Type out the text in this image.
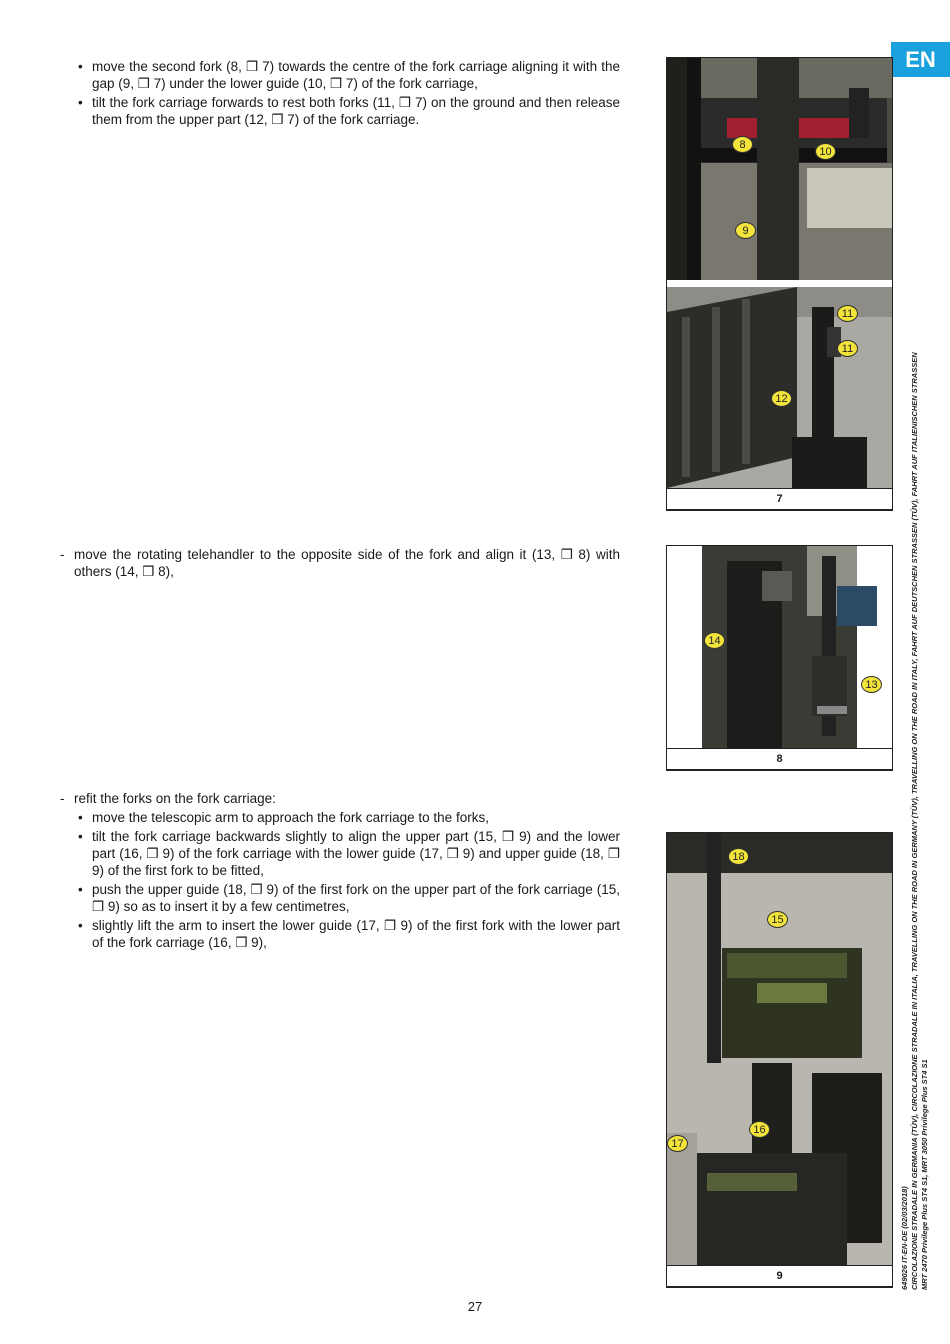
EN
• move the second fork (8, ❒ 7) towards the centre of the fork carriage aligning it with the gap (9, ❒ 7) under the lower guide (10, ❒ 7) of the fork carriage,
• tilt the fork carriage forwards to rest both forks (11, ❒ 7) on the ground and then release them from the upper part (12, ❒ 7) of the fork carriage.
- move the rotating telehandler to the opposite side of the fork and align it (13, ❒ 8) with others (14, ❒ 8),
- refit the forks on the fork carriage:
• move the telescopic arm to approach the fork carriage to the forks,
• tilt the fork carriage backwards slightly to align the upper part (15, ❒ 9) and the lower part (16, ❒ 9) of the fork carriage with the lower guide (17, ❒ 9) and upper guide (18, ❒ 9) of the first fork to be fitted,
• push the upper guide (18, ❒ 9) of the first fork on the upper part of the fork carriage (15, ❒ 9) so as to insert it by a few centimetres,
• slightly lift the arm to insert the lower guide (17, ❒ 9) of the first fork with the lower part of the fork carriage (16, ❒ 9),
7
8
10
9
11
11
12
8
14
13
9
18
15
16
17
649026 IT-EN-DE (02/03/2018) CIRCOLAZIONE STRADALE IN GERMANIA (TÜV), CIRCOLAZIONE STRADALE IN ITALIA, TRAVELLING ON THE ROAD IN GERMANY (TÜV), TRAVELLING ON THE ROAD IN ITALY, FAHRT AUF DEUTSCHEN STRASSEN (TÜV), FAHRT AUF ITALIENISCHEN STRASSEN MRT 2470 Privilege Plus ST4 S1, MRT 3050 Privilege Plus ST4 S1
27
